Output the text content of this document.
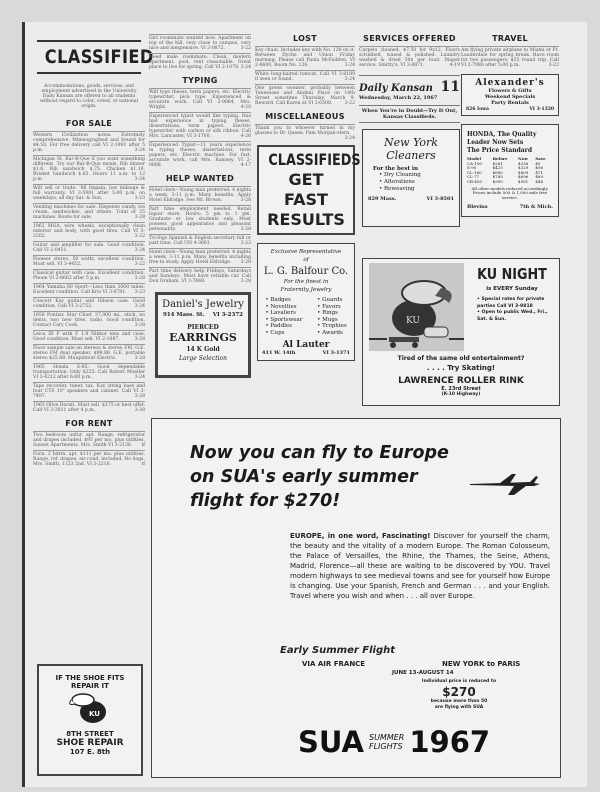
CLASSIFIED
Accommodations, goods, services, and employment advertised in the University Daily Kansan are offered to all students without regard to color, creed, or national origin.
FOR SALE
Western Civilization notes. Extremely comprehensive. Mimeographed and bound for $4.50. For free delivery call VI 2-1901 after 5 p.m.	3-24
Michigan St. Bar-B-Que if you want something different. Try our Bar-B-Que meals. Rib dinner $1.6. Rib sandwich $.75. Chicken $1.10. Brisket Sandwich $.65. Hours 11 a.m. to 12 p.m.	3-24
Will sell or trade: '66 Impala, low mileage & full warranty. VI 3-5981 after 5:00 p.m. on weekdays, all day Sat. & Sun.	3-23
Vending machines for sale. Dispense candy, ice cream, sandwiches, and others. Total of 35 machines. Route for sale.	3-28
1962 MGA, wire wheels, exceptionally clean exterior and body, with good tires. Call VI 3-2202.	3-22
Guitar and amplifier for sale. Good condition. Call VI 2-0451.	3-24
Pioneer stereo, 50 watts, excellent condition. Must sell. VI 3-4452.	3-22
Classical guitar with case. Excellent condition. Phone VI 2-8663 after 5 p.m.	3-28
1964 Yamaha 80 Sport—Less than 3000 miles. Excellent condition. Call Kris VI 3-0781. 3-23
Concert Kay guitar and Gibson case. Good condition. Call VI 3-2752.	3-24
1958 Pontiac Star Chief. 37,000 mi., stick, no dents, two new tires, radio. Good condition. Contact Cary Cook.	3-28
Leica III F with F 1.9 Nikkor lens and case. Good condition. Must sell. VI 2-1087.	3-28
Floor sample sale on stereos & stereo FM. G.E. stereo FM dual speaker, $98.88. G.E. portable stereo $25.88. Maupintour Electric.	3-28
1965 Honda S-65. Good dependable transportation. Only $225. Call Robert Moeller VI 3-4212 after 6:00 p.m.	3-24
Tape recorder, tuner, tax. Kay string bass and four CTS 10" speakers and cabinet. Call VI 3-7497.	3-28
1963 Olive Dorati. Must sell. $175 or best offer. Call VI 3-3811 after 4 p.m.	3-28
FOR RENT
Two bedroom unfur. apt. Range, refrigerator and drapes included. $95 per mo. plus utilities. Sunset Apartments. Mrs. Smith VI 3-2136. tf
Furn. 2 bdrm. apt. $111 per mo. plus utilities. Range, ref. drapes, air cond. included. No dogs. Mrs. Smith, 1123 2nd. VI 3-2216.	tf
IF THE SHOE FITS
REPAIR IT
KU
8TH STREET
SHOE REPAIR
107 E. 8th
Girl roommate wanted now. Apartment on top of the hill, very close to campus, very nice and inexpensive. VI 3-0872.	3-22
Need male roommate. Clean, modern apartment, pool, rent reasonable. Great place to live for spring. Call VI 2-1078. 3-24
TYPING
Will type theses, term papers, etc. Electric typewriter, pica type. Experienced & accurate work. Call VI 2-9064, Mrs. Wright.	4-20
Experienced typist would like typing. Has had experience in typing theses, dissertations, term papers. Electric typewriter with carbon or silk ribbon. Call Mrs. Lancaster, VI 3-1700.	4-26
Experienced Typist—11 years experience in typing theses, dissertations, term papers, etc. Electric machine. For fast, accurate work, call Mrs. Ramsey, VI 2-0868.	4-17
HELP WANTED
Hotel clerk—Young man preferred. 4 nights a week, 3-11 p.m. Many benefits. Apply Hotel Eldridge. See Mr. Brown.	3-28
Part time employment needed. Retail liquor store. Hours: 5 pm to 1 pm. Graduate or law students only. Must possess good appearance and pleasant personality.	3-28
Tri-Sigs Spanish & English secretary full or part time. Call UN 4-3661.	3-23
Hotel clerk—Young man preferred. 4 nights a week, 3-11 p.m. Many benefits including free to study. Apply Hotel Eldridge. 3-28
Part time delivery help Fridays, Saturdays and Sundays. Must have reliable car. Call Don Graham, VI 3-7668.	3-28
Daniel's Jewelry
914 Mass. St. VI 3-2372
PIERCED
EARRINGS
14 K Gold
Large Selection
LOST
Key chain. Includes key with No. 126 on it. Between Dyche and Union Friday morning. Please call Paula McFadden. VI 2-6600, Room No. 126.	3-24
White long-haired tomcat. Call VI 3-8189 if seen or found.	3-24
One green sweater, probably between Tennessee and Alumni Place on 14th Street sometime Thursday, March 9. Reward. Call Karen at VI 3-6508.	3-22
MISCELLANEOUS
Thank you to whoever turned in my glasses to Dr. Queen. Pam Morgan-stern.
3-24
CLASSIFIEDS
GET
FAST
RESULTS
Exclusive Representative
of
L. G. Balfour Co.
For the finest in
Fraternity Jewelry
• Badges
• Novelties
• Lavaliers
• Sportswear
• Paddles
• Cups
• Guards
• Favors
• Rings
• Mugs
• Trophies
• Awards
Al Lauter
411 W. 14th	VI 3-1371
SERVICES OFFERED
Carpets cleaned. $7.50 for 9x12. Floors scrubbed, waxed & polished. Laundry washed & dried 50¢ per load. Diaper service. Smitty's, VI 3-8071.	4-19
Daily Kansan 11
Wednesday, March 22, 1967
When You're in Doubt—Try It Out, Kansas Classifieds.
New York
Cleaners
For the best in
• Dry Cleaning
• Alterations
• Reweaving
829 Mass.	VI 3-8501
TRAVEL
Am flying private airplane to Miami or Ft. Lauderdale for spring break. Have room for two passengers. $55 round trip. Call VI 2-7980 after 5:00 p.m.	3-22
Alexander's
Flowers & Gifts
Weekend Specials
Party Rentals
826 Iowa	VI 3-1320
HONDA, The Quality
Leader Now Sets
The Price Standard
Model	Before	Now	Save
CA-100	$261	$236	$5
S-90	$425	$329	$96
CL-160	$680	$609	$71
CL-77	$785	$696	$89
CB-450	$995	$951	$44
All other models reduced accordingly. Prices include 500 & 1,000 mile free service.
Blevins	7th & Mich.
KU
KU NIGHT
is EVERY Sunday
• Special rates for private parties Call VI 3-9818
• Open to public Wed., Fri., Sat. & Sun.
Tired of the same old entertainment?
. . . . Try Skating!
LAWRENCE ROLLER RINK
E. 23rd Street
(K-10 Highway)
Now you can fly to Europe
on SUA's early summer
flight for $270!
EUROPE, in one word, Fascinating! Discover for yourself the charm, the beauty and the vitality of a modern Europe. The Roman Colosseum, the Palace of Versailles, the Rhine, the Thames, the Seine, Athens, Madrid, Florence—all these are waiting to be discovered by YOU. Travel modern highways to see medieval towns and see for yourself how Europe is changing. Use your Spanish, French and German . . . and your English. Travel where you wish and when . . . all over Europe.
Early Summer Flight
VIA AIR FRANCE	NEW YORK to PARIS
JUNE 13-AUGUST 14
Individual price is reduced to
$270
because more than 50
are flying with SUA
SUA SUMMER
FLIGHTS 1967
